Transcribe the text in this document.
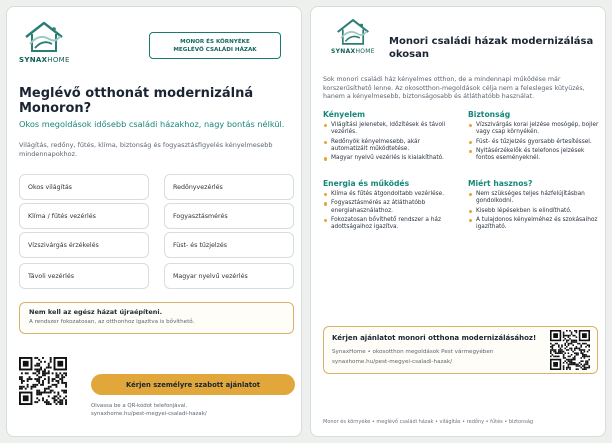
SYNAXHOME
MONOR ÉS KÖRNYÉKE
MEGLÉVŐ CSALÁDI HÁZAK
Meglévő otthonát modernizálná Monoron?
Okos megoldások idősebb családi házakhoz, nagy bontás nélkül.
Világítás, redőny, fűtés, klíma, biztonság és fogyasztásfigyelés kényelmesebb mindennapokhoz.
Okos világítás	Redőnyvezérlés
Klíma / fűtés vezérlés	Fogyasztásmérés
Vízszivárgás érzékelés	Füst- és tűzjelzés
Távoli vezérlés	Magyar nyelvű vezérlés
Nem kell az egész házat újraépíteni.
A rendszer fokozatosan, az otthonhoz igazítva is bővíthető.
Kérjen személyre szabott ajánlatot
Olvassa be a QR-kódot telefonjával.
synaxhome.hu/pest-megyei-csaladi-hazak/
SYNAXHOME
Monori családi házak modernizálása okosan
Sok monori családi ház kényelmes otthon, de a mindennapi működése már korszerűsíthető lenne. Az okosotthon-megoldások célja nem a felesleges kütyüzés, hanem a kényelmesebb, biztonságosabb és átláthatóbb használat.
Kényelem
Világítási jelenetek, időzítések és távoli vezérlés.
Redőnyök kényelmesebb, akár automatizált működtetése.
Magyar nyelvű vezérlés is kialakítható.
Biztonság
Vízszivárgás korai jelzése mosógép, bojler vagy csap környékén.
Füst- és tűzjelzés gyorsabb értesítéssel.
Nyitásérzékelők és telefonos jelzések fontos eseményeknél.
Energia és működés
Klíma és fűtés átgondoltabb vezérlése.
Fogyasztásmérés az átláthatóbb energiahasználathoz.
Fokozatosan bővíthető rendszer a ház adottságaihoz igazítva.
Miért hasznos?
Nem szükséges teljes házfelújításban gondolkodni.
Kisebb lépésekben is elindítható.
A tulajdonos kényelméhez és szokásaihoz igazítható.
Kérjen ajánlatot monori otthona modernizálásához!
SynaxHome • okosotthon megoldások Pest vármegyében
synaxhome.hu/pest-megyei-csaladi-hazak/
Monor és környéke • meglévő családi házak • világítás • redőny • fűtés • biztonság
